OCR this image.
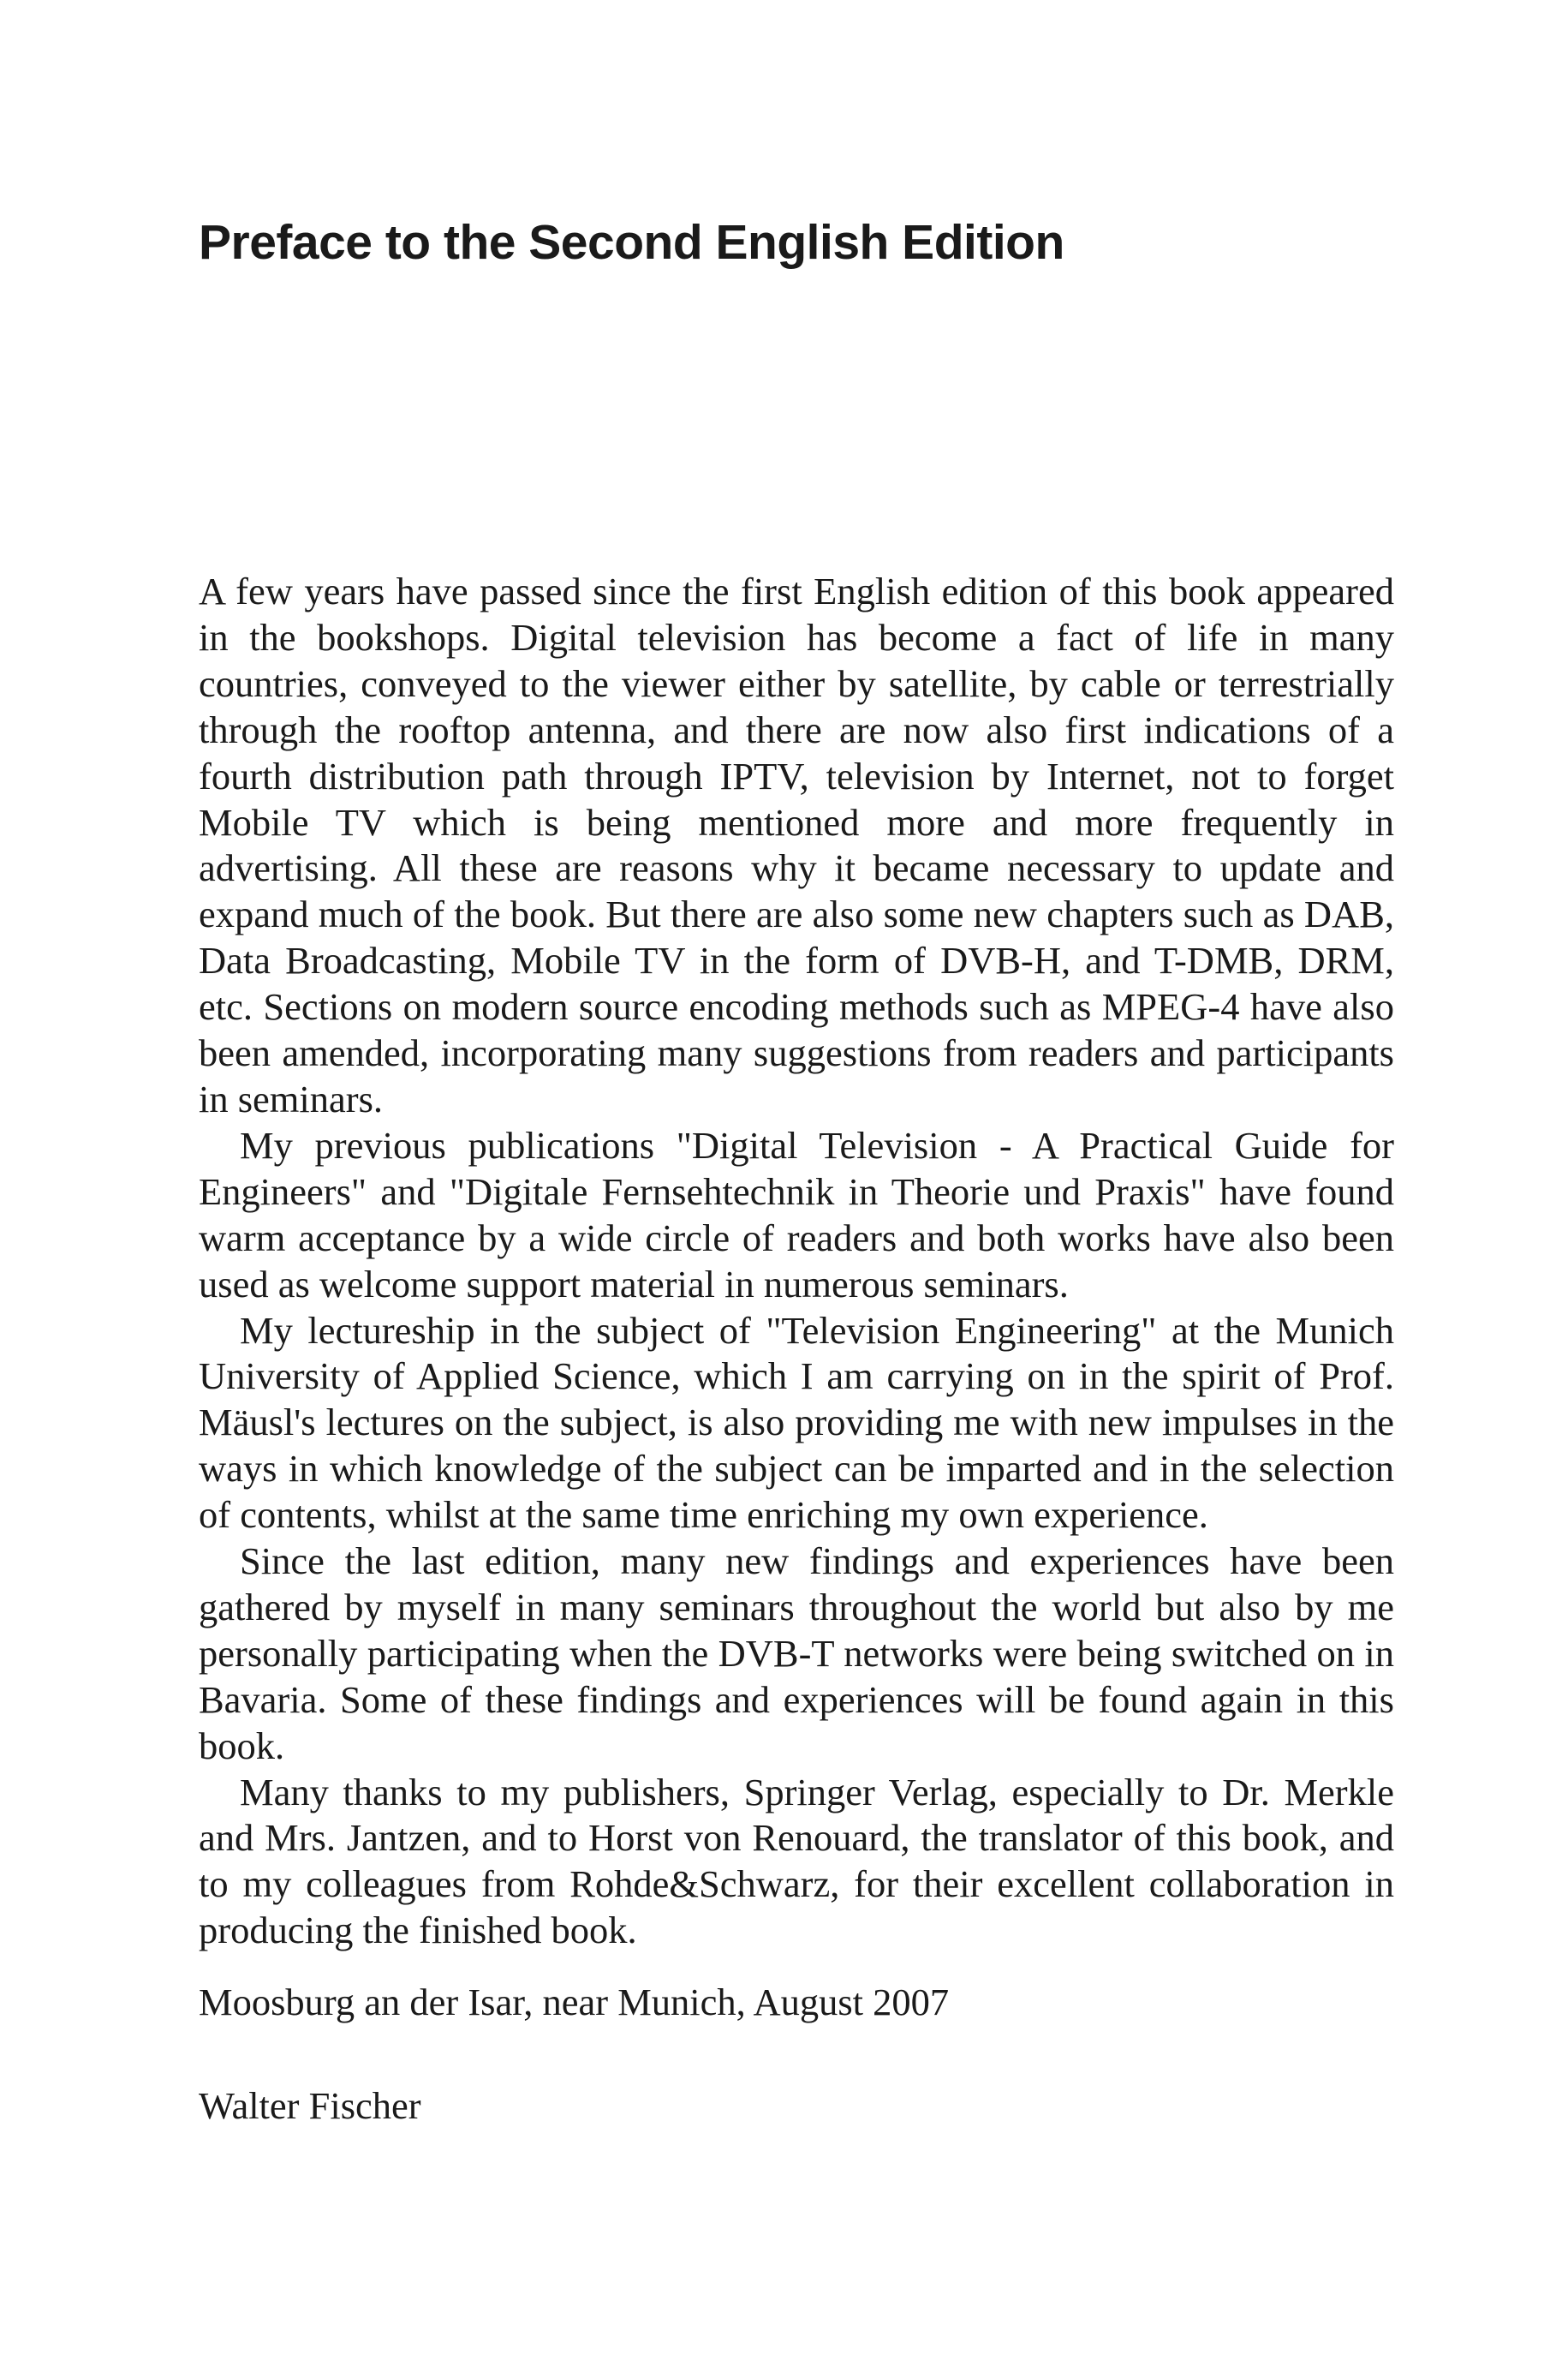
Preface to the Second English Edition

A few years have passed since the first English edition of this book appeared in the bookshops. Digital television has become a fact of life in many countries, conveyed to the viewer either by satellite, by cable or terrestrially through the rooftop antenna, and there are now also first indications of a fourth distribution path through IPTV, television by Internet, not to forget Mobile TV which is being mentioned more and more frequently in advertising. All these are reasons why it became necessary to update and expand much of the book. But there are also some new chapters such as DAB, Data Broadcasting, Mobile TV in the form of DVB-H, and T-DMB, DRM, etc. Sections on modern source encoding methods such as MPEG-4 have also been amended, incorporating many suggestions from readers and participants in seminars.

My previous publications "Digital Television - A Practical Guide for Engineers" and "Digitale Fernsehtechnik in Theorie und Praxis" have found warm acceptance by a wide circle of readers and both works have also been used as welcome support material in numerous seminars.

My lectureship in the subject of "Television Engineering" at the Munich University of Applied Science, which I am carrying on in the spirit of Prof. Mäusl's lectures on the subject, is also providing me with new impulses in the ways in which knowledge of the subject can be imparted and in the selection of contents, whilst at the same time enriching my own experience.

Since the last edition, many new findings and experiences have been gathered by myself in many seminars throughout the world but also by me personally participating when the DVB-T networks were being switched on in Bavaria. Some of these findings and experiences will be found again in this book.

Many thanks to my publishers, Springer Verlag, especially to Dr. Merkle and Mrs. Jantzen, and to Horst von Renouard, the translator of this book, and to my colleagues from Rohde&Schwarz, for their excellent collaboration in producing the finished book.

Moosburg an der Isar, near Munich, August 2007

Walter Fischer
